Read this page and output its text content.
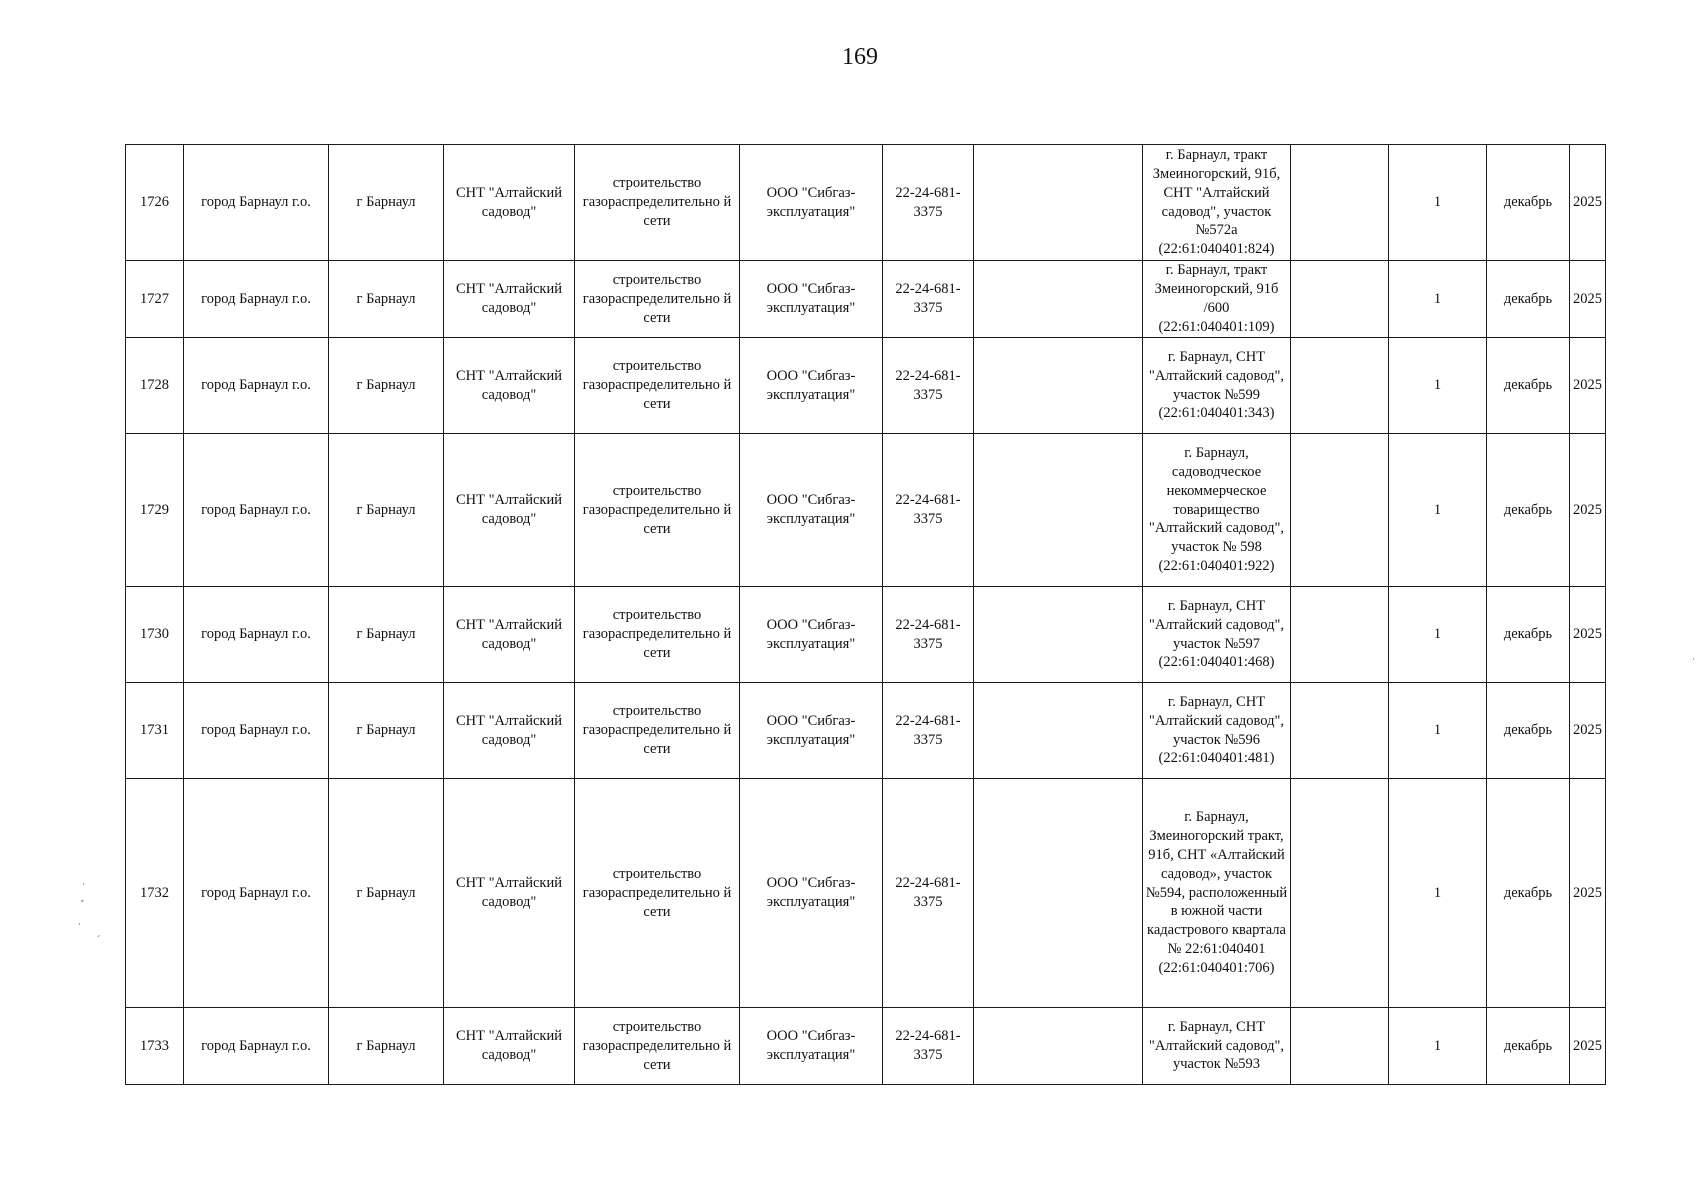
169
1726	город Барнаул г.о.	г Барнаул	СНТ "Алтайский садовод"	строительство газораспределительно й сети	ООО "Сибгаз-эксплуатация"	22-24-681-3375		г. Барнаул, тракт Змеиногорский, 91б, СНТ "Алтайский садовод", участок №572а (22:61:040401:824)		1	декабрь	2025
1727	город Барнаул г.о.	г Барнаул	СНТ "Алтайский садовод"	строительство газораспределительно й сети	ООО "Сибгаз-эксплуатация"	22-24-681-3375		г. Барнаул, тракт Змеиногорский, 91б /600 (22:61:040401:109)		1	декабрь	2025
1728	город Барнаул г.о.	г Барнаул	СНТ "Алтайский садовод"	строительство газораспределительно й сети	ООО "Сибгаз-эксплуатация"	22-24-681-3375		г. Барнаул, СНТ "Алтайский садовод", участок №599 (22:61:040401:343)		1	декабрь	2025
1729	город Барнаул г.о.	г Барнаул	СНТ "Алтайский садовод"	строительство газораспределительно й сети	ООО "Сибгаз-эксплуатация"	22-24-681-3375		г. Барнаул, садоводческое некоммерческое товарищество "Алтайский садовод", участок № 598 (22:61:040401:922)		1	декабрь	2025
1730	город Барнаул г.о.	г Барнаул	СНТ "Алтайский садовод"	строительство газораспределительно й сети	ООО "Сибгаз-эксплуатация"	22-24-681-3375		г. Барнаул, СНТ "Алтайский садовод", участок №597 (22:61:040401:468)		1	декабрь	2025
1731	город Барнаул г.о.	г Барнаул	СНТ "Алтайский садовод"	строительство газораспределительно й сети	ООО "Сибгаз-эксплуатация"	22-24-681-3375		г. Барнаул, СНТ "Алтайский садовод", участок №596 (22:61:040401:481)		1	декабрь	2025
1732	город Барнаул г.о.	г Барнаул	СНТ "Алтайский садовод"	строительство газораспределительно й сети	ООО "Сибгаз-эксплуатация"	22-24-681-3375		г. Барнаул, Змеиногорский тракт, 91б, СНТ «Алтайский садовод», участок №594, расположенный в южной части кадастрового квартала № 22:61:040401 (22:61:040401:706)		1	декабрь	2025
1733	город Барнаул г.о.	г Барнаул	СНТ "Алтайский садовод"	строительство газораспределительно й сети	ООО "Сибгаз-эксплуатация"	22-24-681-3375		г. Барнаул, СНТ "Алтайский садовод", участок №593		1	декабрь	2025
·
˅
·
ˏ
·
